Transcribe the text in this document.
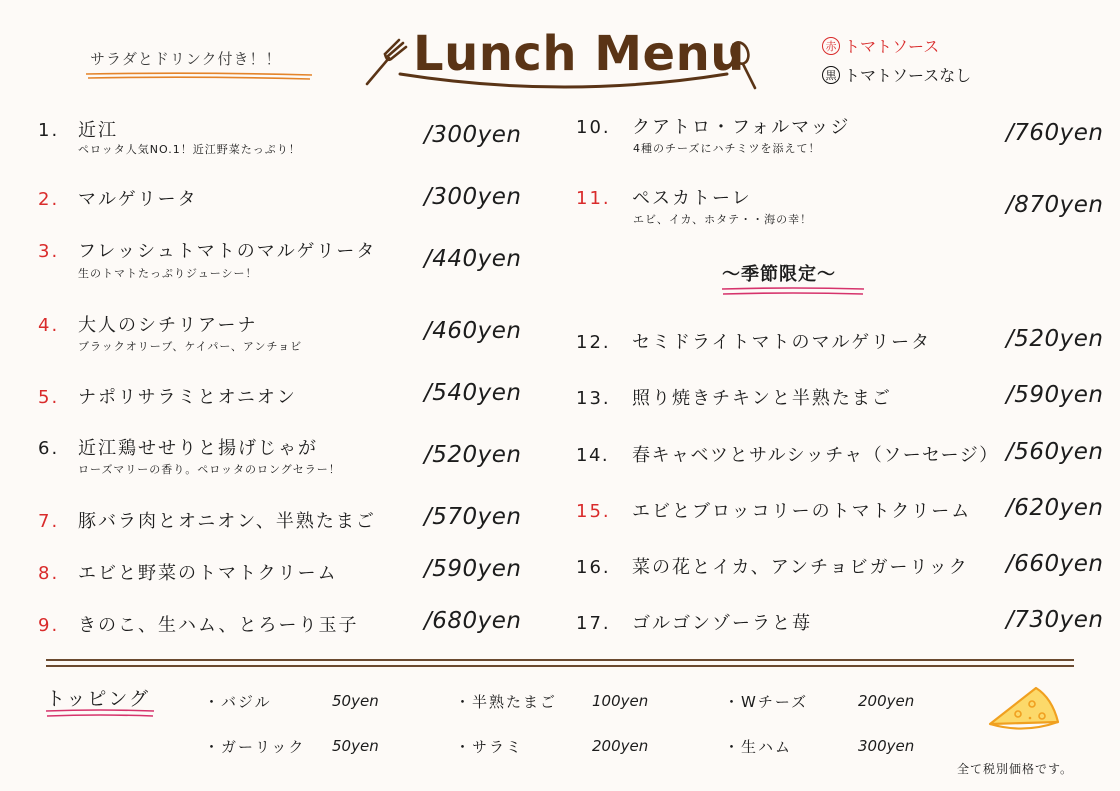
サラダとドリンク付き！！	Lunch Menu	赤 トマトソース
黒 トマトソースなし
1. 近江
ペロッタ人気NO.1！近江野菜たっぷり！
/300yen
2. マルゲリータ	/300yen
3. フレッシュトマトのマルゲリータ
生のトマトたっぷりジューシー！
/440yen
4. 大人のシチリアーナ
ブラックオリーブ、ケイパー、アンチョビ
/460yen
5. ナポリサラミとオニオン	/540yen
6. 近江鶏せせりと揚げじゃが
ローズマリーの香り。ペロッタのロングセラー！
/520yen
7. 豚バラ肉とオニオン、半熟たまご /570yen
8. エビと野菜のトマトクリーム	/590yen
9. きのこ、生ハム、とろーり玉子	/680yen
10. クアトロ・フォルマッジ
4種のチーズにハチミツを添えて！
/760yen
11. ペスカトーレ
エビ、イカ、ホタテ・・海の幸！
/870yen
〜季節限定〜
12. セミドライトマトのマルゲリータ	/520yen
13. 照り焼きチキンと半熟たまご	/590yen
14. 春キャベツとサルシッチャ（ソーセージ） /560yen
15. エビとブロッコリーのトマトクリーム /620yen
16. 菜の花とイカ、アンチョビガーリック /660yen
17. ゴルゴンゾーラと苺	/730yen
トッピング	・バジル	50yen	・半熟たまご 100yen	・Wチーズ	200yen
・ガーリック 50yen	・サラミ	200yen	・生ハム	300yen
全て税別価格です。
